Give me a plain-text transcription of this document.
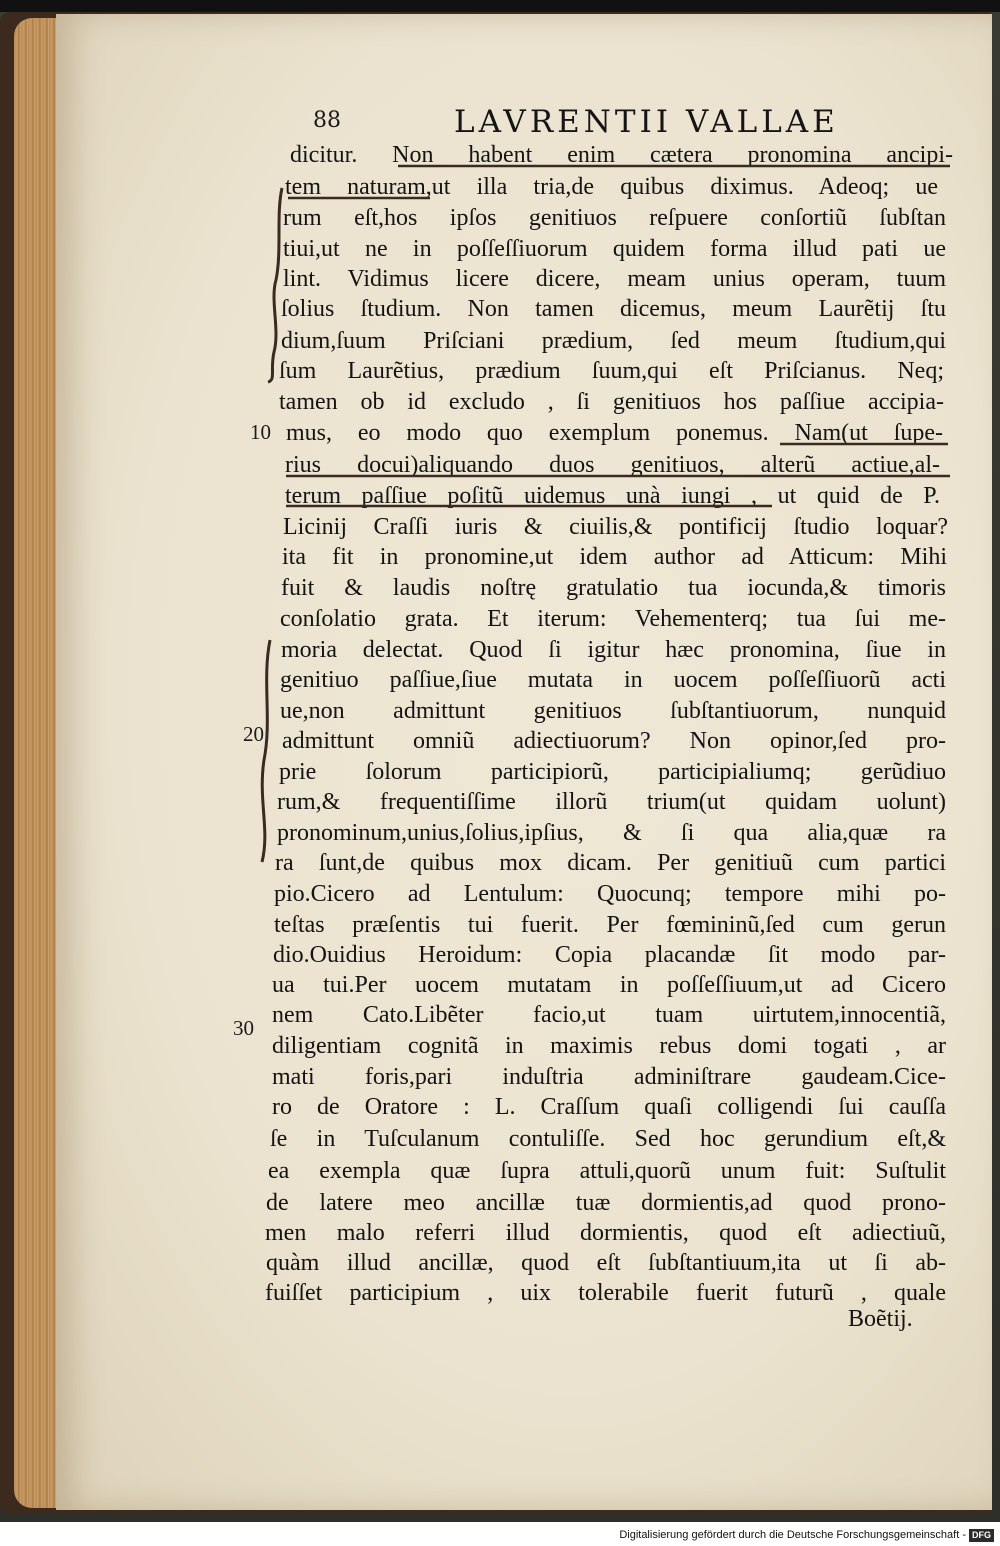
88	LAVRENTII VALLAE
dicitur. Non habent enim cætera pronomina ancipi-
tem naturam,ut illa tria,de quibus diximus. Adeoq; ue
rum eſt,hos ipſos genitiuos reſpuere conſortiũ ſubſtan
tiui,ut ne in poſſeſſiuorum quidem forma illud pati ue
lint. Vidimus licere dicere, meam unius operam, tuum
ſolius ſtudium. Non tamen dicemus, meum Laurẽtij ſtu
dium,ſuum Priſciani prædium, ſed meum ſtudium,qui
ſum Laurẽtius, prædium ſuum,qui eſt Priſcianus. Neq;
tamen ob id excludo , ſi genitiuos hos paſſiue accipia-
mus, eo modo quo exemplum ponemus. Nam(ut ſupe-
rius docui)aliquando duos genitiuos, alterũ actiue,al-
terum paſſiue poſitũ uidemus unà iungi , ut quid de P.
Licinij Craſſi iuris & ciuilis,& pontificij ſtudio loquar?
ita fit in pronomine,ut idem author ad Atticum: Mihi
fuit & laudis noſtrę gratulatio tua iocunda,& timoris
conſolatio grata. Et iterum: Vehementerq; tua ſui me-
moria delectat. Quod ſi igitur hæc pronomina, ſiue in
genitiuo paſſiue,ſiue mutata in uocem poſſeſſiuorũ acti
ue,non admittunt genitiuos ſubſtantiuorum, nunquid
admittunt omniũ adiectiuorum? Non opinor,ſed pro-
prie ſolorum participiorũ, participialiumq; gerũdiuo
rum,& frequentiſſime illorũ trium(ut quidam uolunt)
pronominum,unius,ſolius,ipſius, & ſi qua alia,quæ ra
ra ſunt,de quibus mox dicam. Per genitiuũ cum partici
pio.Cicero ad Lentulum: Quocunq; tempore mihi po-
teſtas præſentis tui fuerit. Per fœmininũ,ſed cum gerun
dio.Ouidius Heroidum: Copia placandæ ſit modo par-
ua tui.Per uocem mutatam in poſſeſſiuum,ut ad Cicero
nem Cato.Libẽter facio,ut tuam uirtutem,innocentiã,
diligentiam cognitã in maximis rebus domi togati , ar
mati foris,pari induſtria adminiſtrare gaudeam.Cice-
ro de Oratore : L. Craſſum quaſi colligendi ſui cauſſa
ſe in Tuſculanum contuliſſe. Sed hoc gerundium eſt,&
ea exempla quæ ſupra attuli,quorũ unum fuit: Suſtulit
de latere meo ancillæ tuæ dormientis,ad quod prono-
men malo referri illud dormientis, quod eſt adiectiuũ,
quàm illud ancillæ, quod eſt ſubſtantiuum,ita ut ſi ab-
fuiſſet participium , uix tolerabile fuerit futurũ , quale
10
20
30
Boẽtij.
Digitalisierung gefördert durch die Deutsche Forschungsgemeinschaft - DFG
